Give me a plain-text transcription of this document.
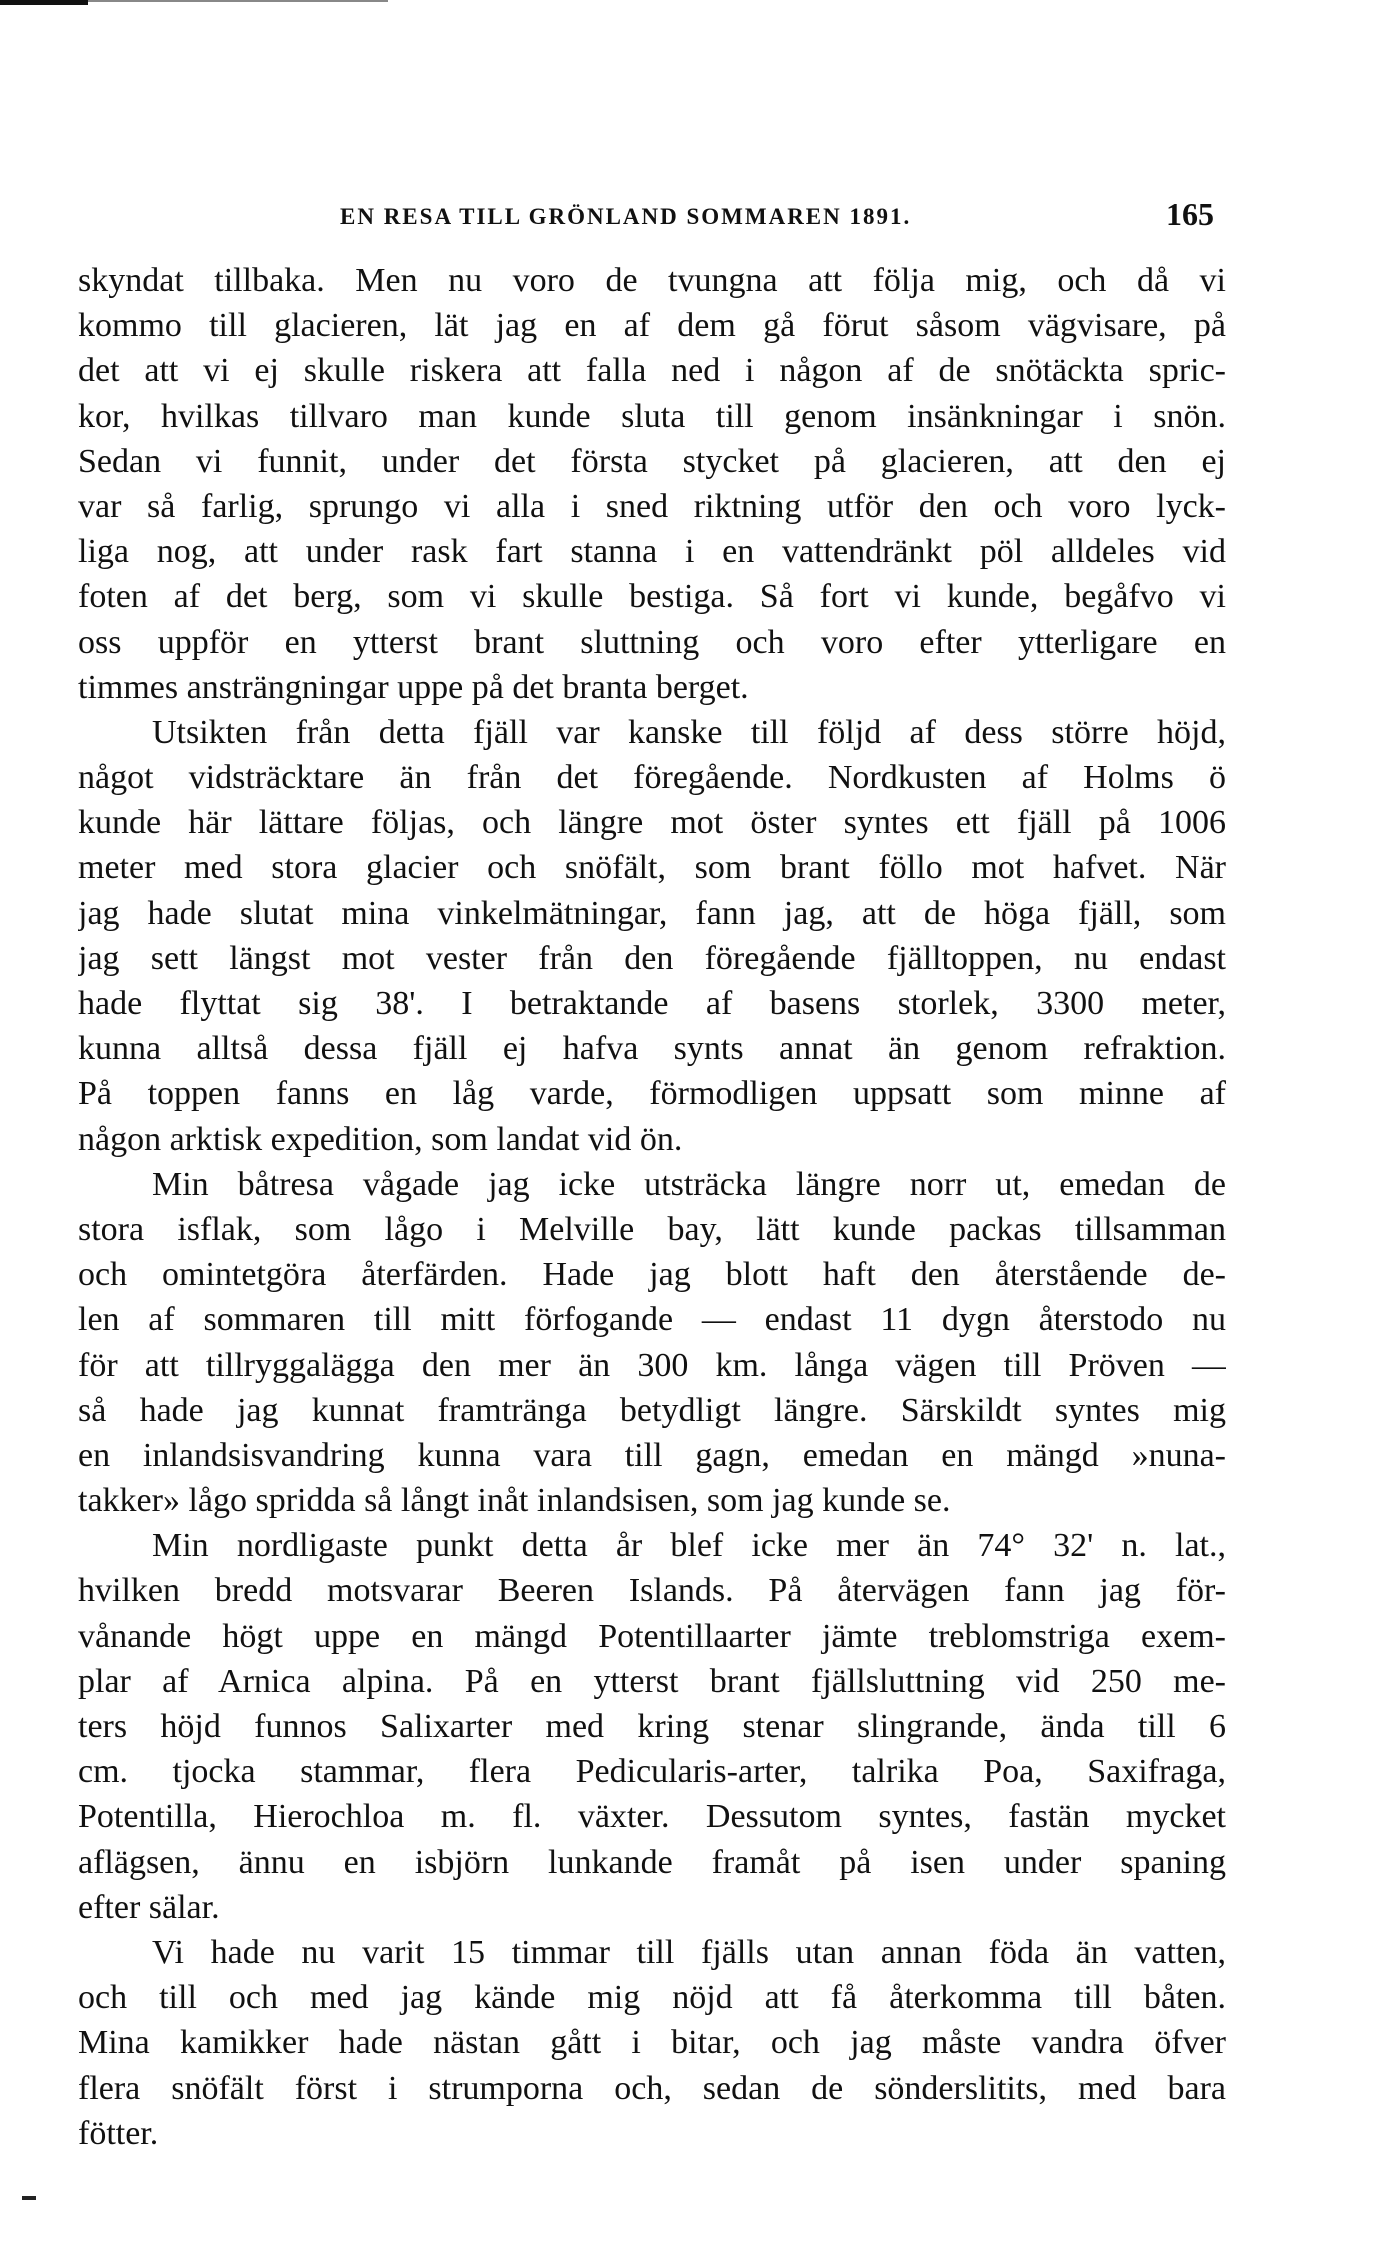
EN RESA TILL GRÖNLAND SOMMAREN 1891.	165
skyndat tillbaka. Men nu voro de tvungna att följa mig, och då vi
kommo till glacieren, lät jag en af dem gå förut såsom vägvisare, på
det att vi ej skulle riskera att falla ned i någon af de snötäckta spric-
kor, hvilkas tillvaro man kunde sluta till genom insänkningar i snön.
Sedan vi funnit, under det första stycket på glacieren, att den ej
var så farlig, sprungo vi alla i sned riktning utför den och voro lyck-
liga nog, att under rask fart stanna i en vattendränkt pöl alldeles vid
foten af det berg, som vi skulle bestiga. Så fort vi kunde, begåfvo vi
oss uppför en ytterst brant sluttning och voro efter ytterligare en
timmes ansträngningar uppe på det branta berget.
Utsikten från detta fjäll var kanske till följd af dess större höjd,
något vidsträcktare än från det föregående. Nordkusten af Holms ö
kunde här lättare följas, och längre mot öster syntes ett fjäll på 1006
meter med stora glacier och snöfält, som brant föllo mot hafvet. När
jag hade slutat mina vinkelmätningar, fann jag, att de höga fjäll, som
jag sett längst mot vester från den föregående fjälltoppen, nu endast
hade flyttat sig 38'. I betraktande af basens storlek, 3300 meter,
kunna alltså dessa fjäll ej hafva synts annat än genom refraktion.
På toppen fanns en låg varde, förmodligen uppsatt som minne af
någon arktisk expedition, som landat vid ön.
Min båtresa vågade jag icke utsträcka längre norr ut, emedan de
stora isflak, som lågo i Melville bay, lätt kunde packas tillsamman
och omintetgöra återfärden. Hade jag blott haft den återstående de-
len af sommaren till mitt förfogande — endast 11 dygn återstodo nu
för att tillryggalägga den mer än 300 km. långa vägen till Pröven —
så hade jag kunnat framtränga betydligt längre. Särskildt syntes mig
en inlandsisvandring kunna vara till gagn, emedan en mängd »nuna-
takker» lågo spridda så långt inåt inlandsisen, som jag kunde se.
Min nordligaste punkt detta år blef icke mer än 74° 32' n. lat.,
hvilken bredd motsvarar Beeren Islands. På återvägen fann jag för-
vånande högt uppe en mängd Potentillaarter jämte treblomstriga exem-
plar af Arnica alpina. På en ytterst brant fjällsluttning vid 250 me-
ters höjd funnos Salixarter med kring stenar slingrande, ända till 6
cm. tjocka stammar, flera Pedicularis-arter, talrika Poa, Saxifraga,
Potentilla, Hierochloa m. fl. växter. Dessutom syntes, fastän mycket
aflägsen, ännu en isbjörn lunkande framåt på isen under spaning
efter sälar.
Vi hade nu varit 15 timmar till fjälls utan annan föda än vatten,
och till och med jag kände mig nöjd att få återkomma till båten.
Mina kamikker hade nästan gått i bitar, och jag måste vandra öfver
flera snöfält först i strumporna och, sedan de sönderslitits, med bara
fötter.
